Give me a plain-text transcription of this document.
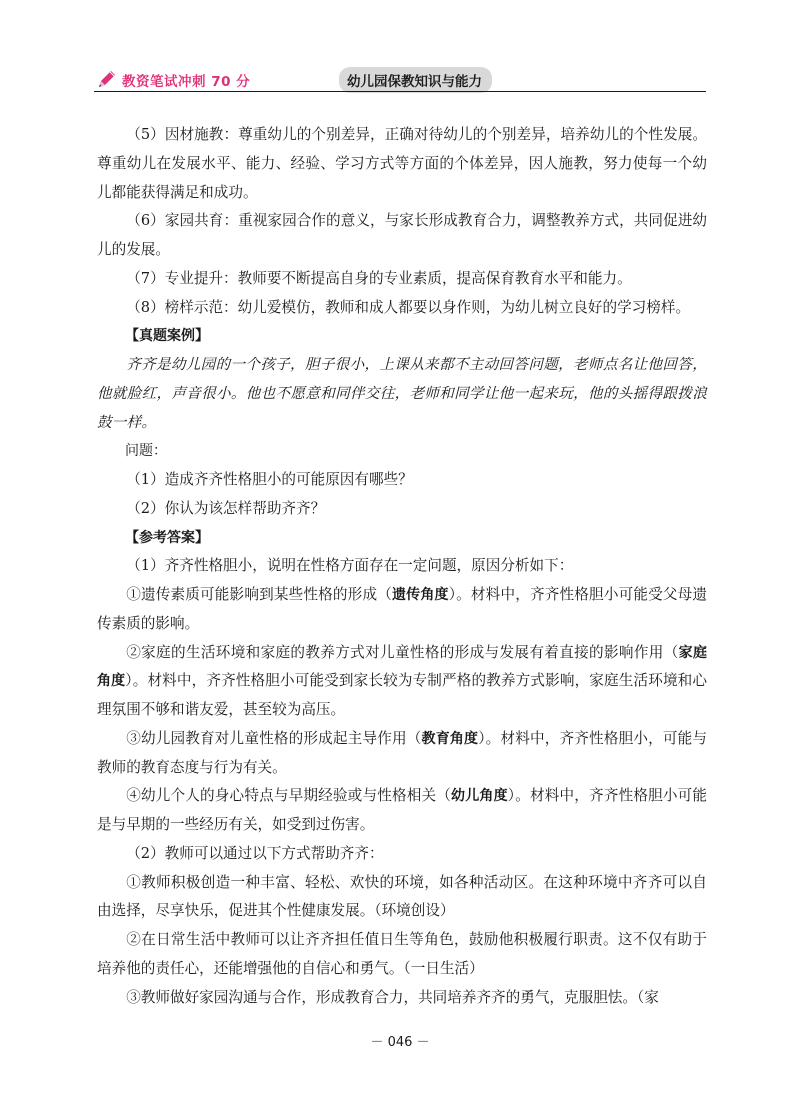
教资笔试冲刺 70 分	幼儿园保教知识与能力

（5）因材施教：尊重幼儿的个别差异，正确对待幼儿的个别差异，培养幼儿的个性发展。尊重幼儿在发展水平、能力、经验、学习方式等方面的个体差异，因人施教，努力使每一个幼儿都能获得满足和成功。

（6）家园共育：重视家园合作的意义，与家长形成教育合力，调整教养方式，共同促进幼儿的发展。

（7）专业提升：教师要不断提高自身的专业素质，提高保育教育水平和能力。

（8）榜样示范：幼儿爱模仿，教师和成人都要以身作则，为幼儿树立良好的学习榜样。

【真题案例】

齐齐是幼儿园的一个孩子，胆子很小，上课从来都不主动回答问题，老师点名让他回答，他就脸红，声音很小。他也不愿意和同伴交往，老师和同学让他一起来玩，他的头摇得跟拨浪鼓一样。

问题：

（1）造成齐齐性格胆小的可能原因有哪些？

（2）你认为该怎样帮助齐齐？

【参考答案】

（1）齐齐性格胆小，说明在性格方面存在一定问题，原因分析如下：

①遗传素质可能影响到某些性格的形成（遗传角度）。材料中，齐齐性格胆小可能受父母遗传素质的影响。

②家庭的生活环境和家庭的教养方式对儿童性格的形成与发展有着直接的影响作用（家庭角度）。材料中，齐齐性格胆小可能受到家长较为专制严格的教养方式影响，家庭生活环境和心理氛围不够和谐友爱，甚至较为高压。

③幼儿园教育对儿童性格的形成起主导作用（教育角度）。材料中，齐齐性格胆小，可能与教师的教育态度与行为有关。

④幼儿个人的身心特点与早期经验或与性格相关（幼儿角度）。材料中，齐齐性格胆小可能是与早期的一些经历有关，如受到过伤害。

（2）教师可以通过以下方式帮助齐齐：

①教师积极创造一种丰富、轻松、欢快的环境，如各种活动区。在这种环境中齐齐可以自由选择，尽享快乐，促进其个性健康发展。（环境创设）

②在日常生活中教师可以让齐齐担任值日生等角色，鼓励他积极履行职责。这不仅有助于培养他的责任心，还能增强他的自信心和勇气。（一日生活）

③教师做好家园沟通与合作，形成教育合力，共同培养齐齐的勇气，克服胆怯。（家

－ 046 －
